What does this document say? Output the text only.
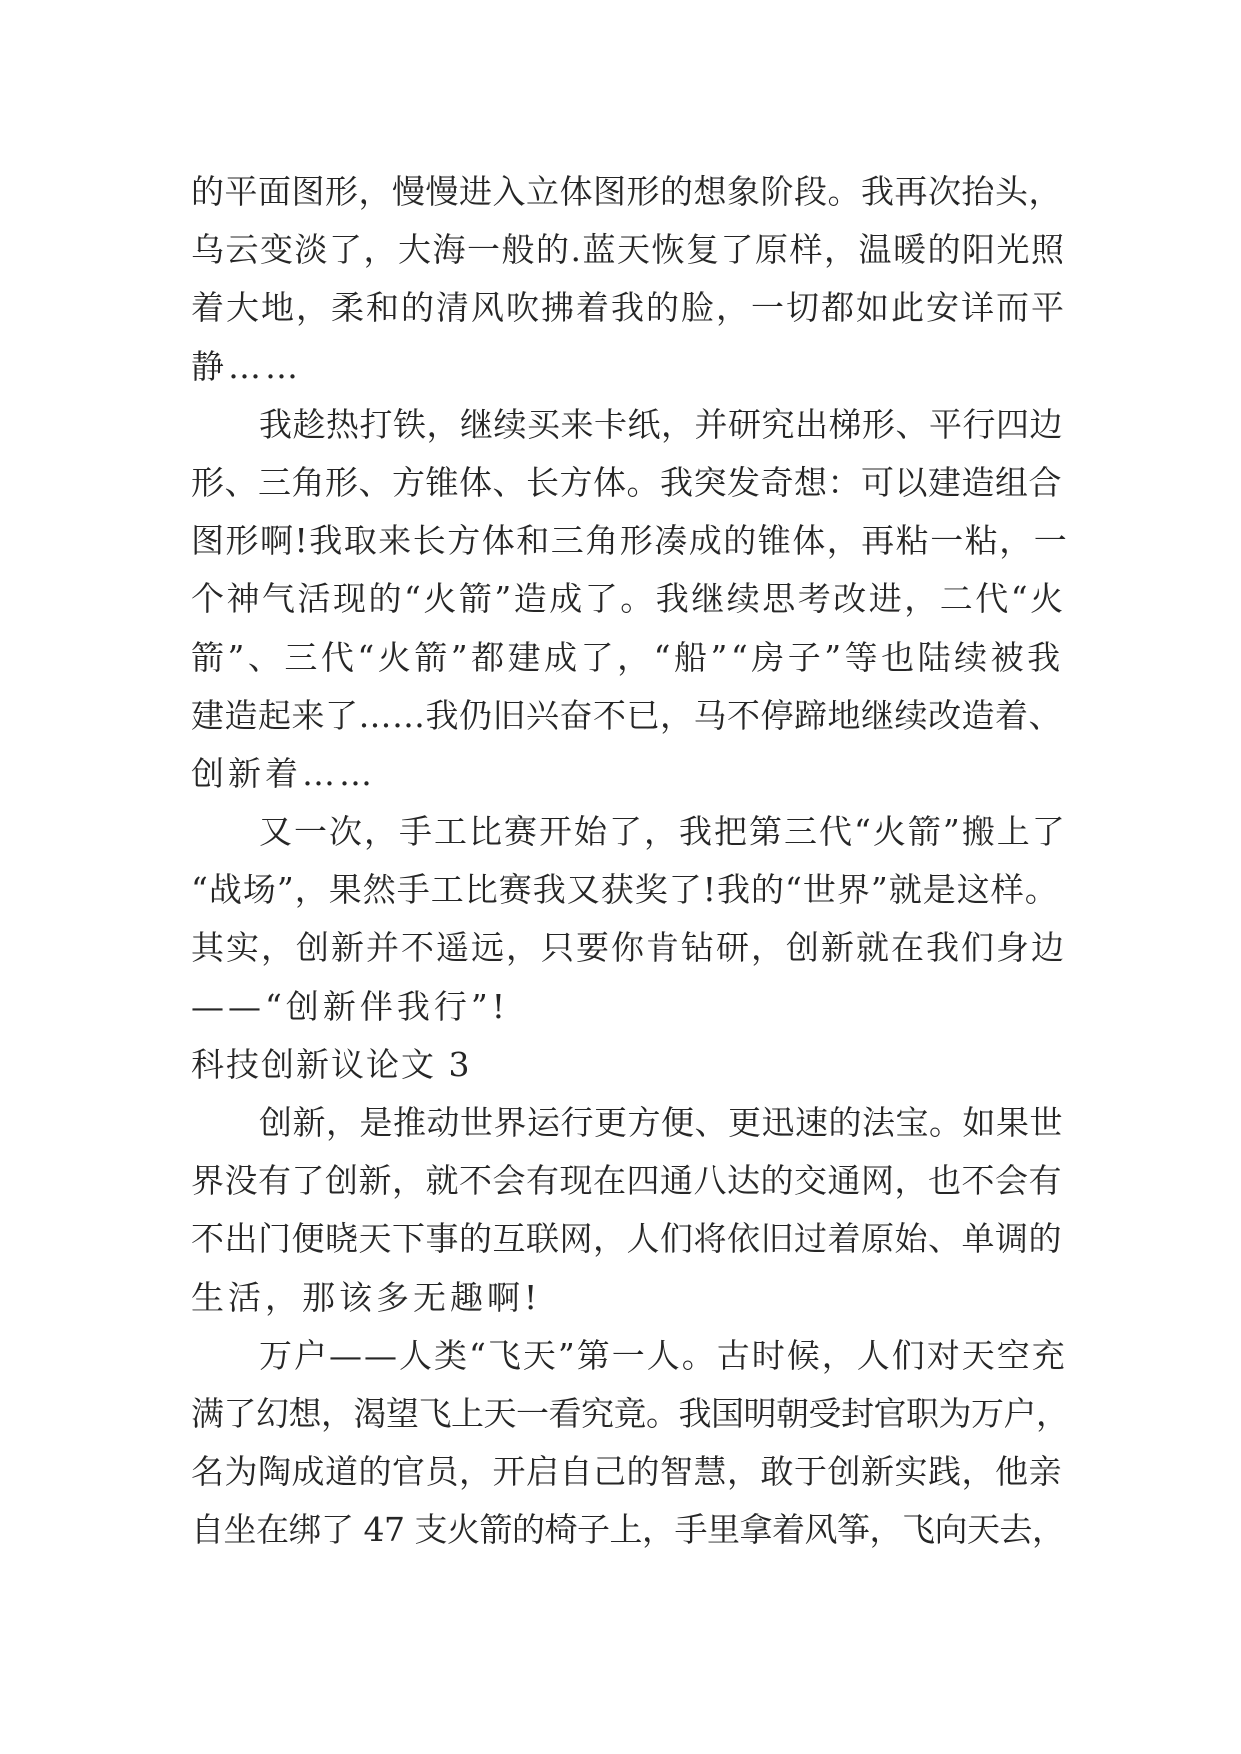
的平面图形，慢慢进入立体图形的想象阶段。我再次抬头，
乌云变淡了，大海一般的.蓝天恢复了原样，温暖的阳光照
着大地，柔和的清风吹拂着我的脸，一切都如此安详而平
静……
我趁热打铁，继续买来卡纸，并研究出梯形、平行四边
形、三角形、方锥体、长方体。我突发奇想：可以建造组合
图形啊!我取来长方体和三角形凑成的锥体，再粘一粘，一
个神气活现的“火箭”造成了。我继续思考改进，二代“火
箭”、三代“火箭”都建成了，“船”“房子”等也陆续被我
建造起来了……我仍旧兴奋不已，马不停蹄地继续改造着、
创新着……
又一次，手工比赛开始了，我把第三代“火箭”搬上了
“战场”，果然手工比赛我又获奖了!我的“世界”就是这样。
其实，创新并不遥远，只要你肯钻研，创新就在我们身边
——“创新伴我行”!
科技创新议论文 3
创新，是推动世界运行更方便、更迅速的法宝。如果世
界没有了创新，就不会有现在四通八达的交通网，也不会有
不出门便晓天下事的互联网，人们将依旧过着原始、单调的
生活，那该多无趣啊!
万户——人类“飞天”第一人。古时候，人们对天空充
满了幻想，渴望飞上天一看究竟。我国明朝受封官职为万户，
名为陶成道的官员，开启自己的智慧，敢于创新实践，他亲
自坐在绑了 47 支火箭的椅子上，手里拿着风筝，飞向天去，
